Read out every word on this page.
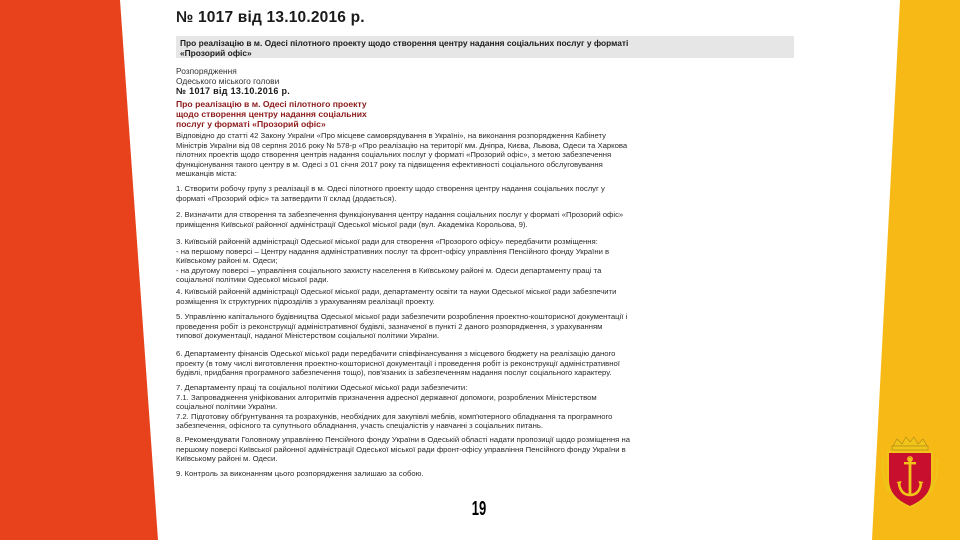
№ 1017 від 13.10.2016 р.
Про реалізацію в м. Одесі пілотного проекту щодо створення центру надання соціальних послуг у форматі
«Прозорий офіс»
Розпорядження
Одеського міського голови
№ 1017 від 13.10.2016 р.
Про реалізацію в м. Одесі пілотного проекту
щодо створення центру надання соціальних
послуг у форматі «Прозорий офіс»
Відповідно до статті 42 Закону України «Про місцеве самоврядування в Україні», на виконання розпорядження Кабінету
Міністрів України від 08 серпня 2016 року № 578-р «Про реалізацію на території мм. Дніпра, Києва, Львова, Одеси та Харкова
пілотних проектів щодо створення центрів надання соціальних послуг у форматі «Прозорий офіс», з метою забезпечення
функціонування такого центру в м. Одесі з 01 січня 2017 року та підвищення ефективності соціального обслуговування
мешканців міста:
1. Створити робочу групу з реалізації в м. Одесі пілотного проекту щодо створення центру надання соціальних послуг у
форматі «Прозорий офіс» та затвердити її склад (додається).
2. Визначити для створення та забезпечення функціонування центру надання соціальних послуг у форматі «Прозорий офіс»
приміщення Київської районної адміністрації Одеської міської ради (вул. Академіка Корольова, 9).
3. Київській районній адміністрації Одеської міської ради для створення «Прозорого офісу» передбачити розміщення:
- на першому поверсі – Центру надання адміністративних послуг та фронт-офісу управління Пенсійного фонду України в
Київському районі м. Одеси;
- на другому поверсі – управління соціального захисту населення в Київському районі м. Одеси департаменту праці та
соціальної політики Одеської міської ради.
4. Київській районній адміністрації Одеської міської ради, департаменту освіти та науки Одеської міської ради забезпечити
розміщення їх структурних підрозділів з урахуванням реалізації проекту.
5. Управлінню капітального будівництва Одеської міської ради забезпечити розроблення проектно-кошторисної документації і
проведення робіт із реконструкції адміністративної будівлі, зазначеної в пункті 2 даного розпорядження, з урахуванням
типової документації, наданої Міністерством соціальної політики України.
6. Департаменту фінансів Одеської міської ради передбачити співфінансування з місцевого бюджету на реалізацію даного
проекту (в тому числі виготовлення проектно-кошторисної документації і проведення робіт із реконструкції адміністративної
будівлі, придбання програмного забезпечення тощо), пов'язаних із забезпеченням надання послуг соціального характеру.
7. Департаменту праці та соціальної політики Одеської міської ради забезпечити:
7.1. Запровадження уніфікованих алгоритмів призначення адресної державної допомоги, розроблених Міністерством
соціальної політики України.
7.2. Підготовку обґрунтування та розрахунків, необхідних для закупівлі меблів, комп'ютерного обладнання та програмного
забезпечення, офісного та супутнього обладнання, участь спеціалістів у навчанні з соціальних питань.
8. Рекомендувати Головному управлінню Пенсійного фонду України в Одеській області надати пропозиції щодо розміщення на
першому поверсі Київської районної адміністрації Одеської міської ради фронт-офісу управління Пенсійного фонду України в
Київському районі м. Одеси.
9. Контроль за виконанням цього розпорядження залишаю за собою.
19
